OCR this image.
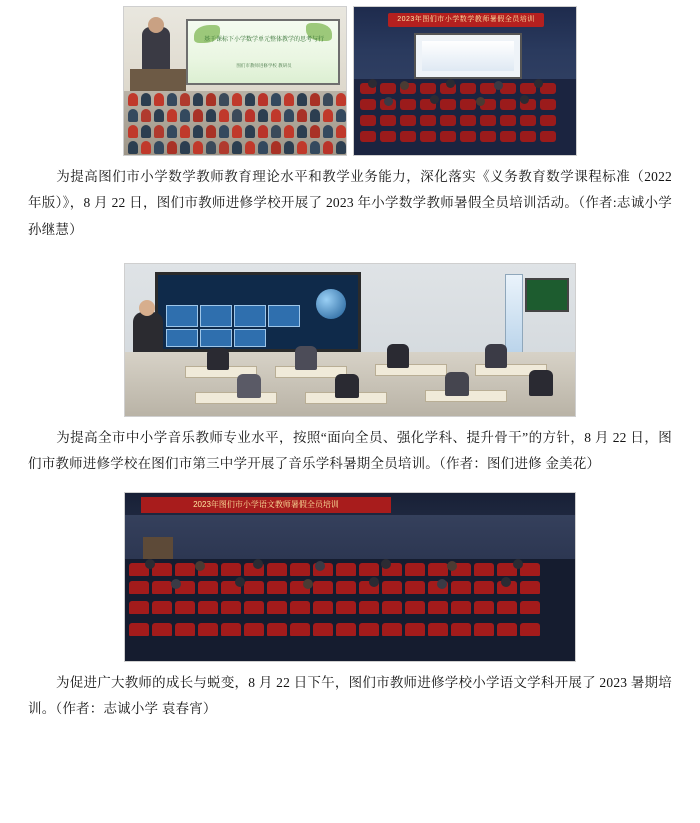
基于课标下小学数学单元整体教学的思考与行
图们市教师进修学校 教研员
2023年图们市小学数学教师暑假全员培训

为提高图们市小学数学教师教育理论水平和教学业务能力，深化落实《义务教育数学课程标准（2022 年版）》，8 月 22 日，图们市教师进修学校开展了 2023 年小学数学教师暑假全员培训活动。（作者:志诚小学 孙继慧）

为提高全市中小学音乐教师专业水平，按照“面向全员、强化学科、提升骨干”的方针，8 月 22 日，图们市教师进修学校在图们市第三中学开展了音乐学科暑期全员培训。（作者：图们进修 金美花）

2023年图们市小学语文教师暑假全员培训

为促进广大教师的成长与蜕变，8 月 22 日下午，图们市教师进修学校小学语文学科开展了 2023 暑期培训。（作者：志诚小学 袁春宵）
